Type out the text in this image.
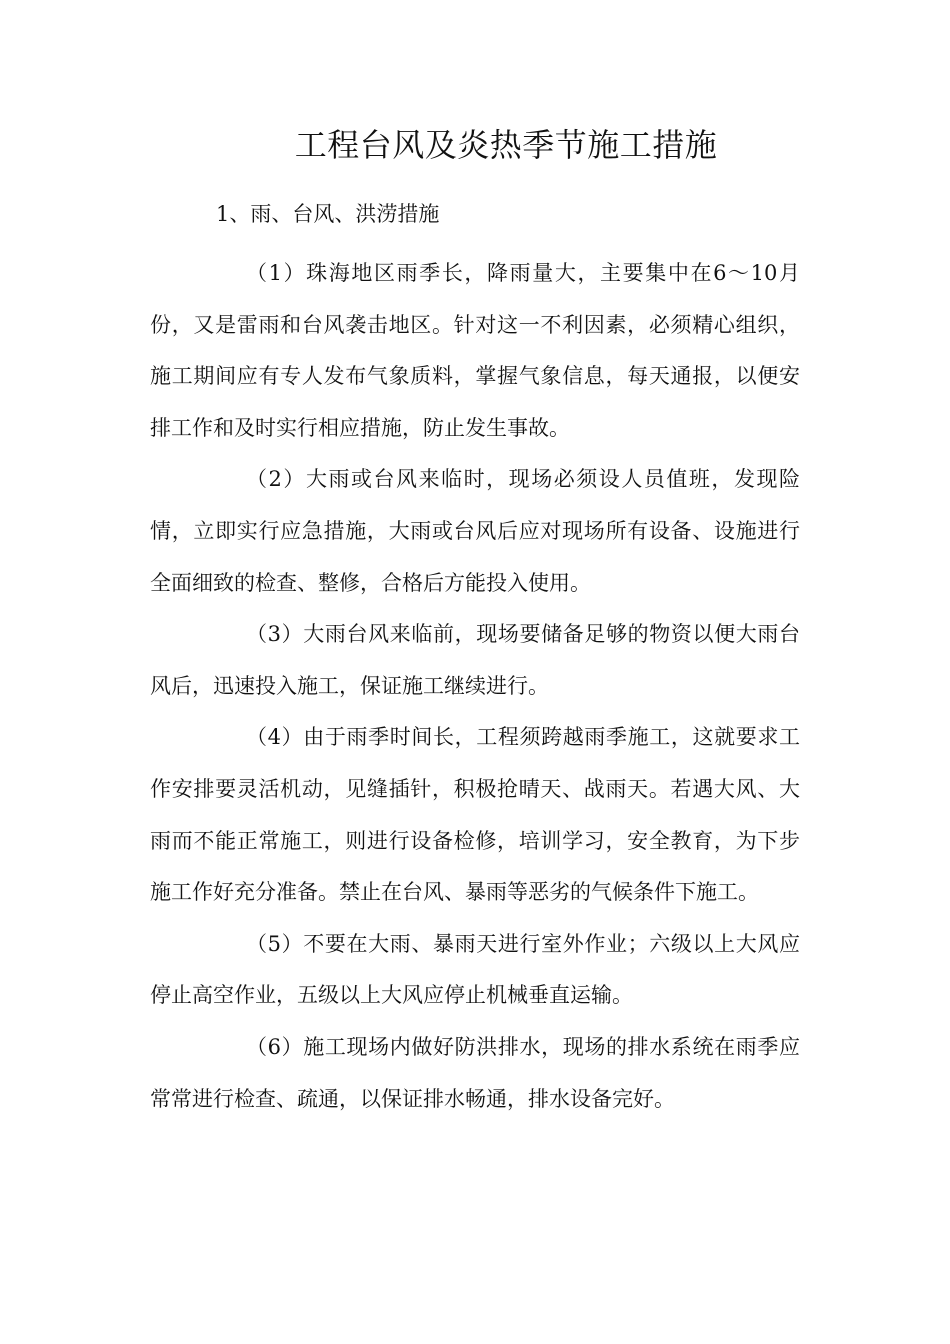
工程台风及炎热季节施工措施

1、雨、台风、洪涝措施

（1）珠海地区雨季长，降雨量大，主要集中在6～10月份，又是雷雨和台风袭击地区。针对这一不利因素，必须精心组织，施工期间应有专人发布气象质料，掌握气象信息，每天通报，以便安排工作和及时实行相应措施，防止发生事故。

（2）大雨或台风来临时，现场必须设人员值班，发现险情，立即实行应急措施，大雨或台风后应对现场所有设备、设施进行全面细致的检查、整修，合格后方能投入使用。

（3）大雨台风来临前，现场要储备足够的物资以便大雨台风后，迅速投入施工，保证施工继续进行。

（4）由于雨季时间长，工程须跨越雨季施工，这就要求工作安排要灵活机动，见缝插针，积极抢晴天、战雨天。若遇大风、大雨而不能正常施工，则进行设备检修，培训学习，安全教育，为下步施工作好充分准备。禁止在台风、暴雨等恶劣的气候条件下施工。

（5）不要在大雨、暴雨天进行室外作业；六级以上大风应停止高空作业，五级以上大风应停止机械垂直运输。

（6）施工现场内做好防洪排水，现场的排水系统在雨季应常常进行检查、疏通，以保证排水畅通，排水设备完好。
